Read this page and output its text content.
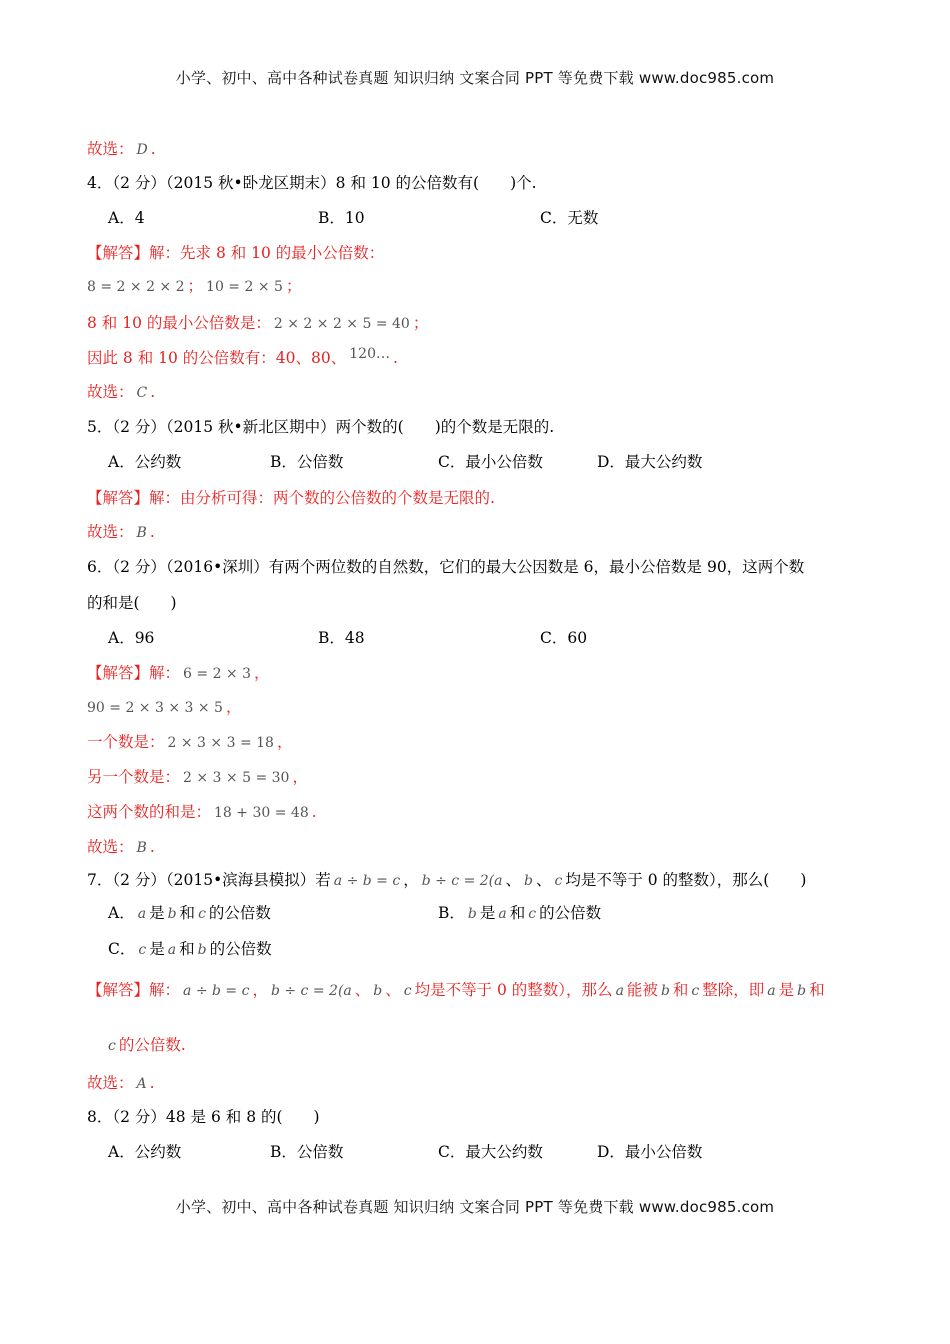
小学、初中、高中各种试卷真题 知识归纳 文案合同 PPT 等免费下载 www.doc985.com
小学、初中、高中各种试卷真题 知识归纳 文案合同 PPT 等免费下载 www.doc985.com
故选： D .
4．（2 分）（2015 秋•卧龙区期末）8 和 10 的公倍数有(　　)个.
A．4	B．10	C．无数
【解答】解：先求 8 和 10 的最小公倍数：
8 = 2 × 2 × 2 ； 10 = 2 × 5 ；
8 和 10 的最小公倍数是： 2 × 2 × 2 × 5 = 40 ；
因此 8 和 10 的公倍数有：40、80、 120… .
故选： C .
5．（2 分）（2015 秋•新北区期中）两个数的(　　)的个数是无限的.
A．公约数	B．公倍数	C．最小公倍数	D．最大公约数
【解答】解：由分析可得：两个数的公倍数的个数是无限的.
故选： B .
6．（2 分）（2016•深圳）有两个两位数的自然数，它们的最大公因数是 6，最小公倍数是 90，这两个数
的和是(　　)
A．96	B．48	C．60
【解答】解： 6 = 2 × 3 ，
90 = 2 × 3 × 3 × 5 ，
一个数是： 2 × 3 × 3 = 18 ，
另一个数是： 2 × 3 × 5 = 30 ，
这两个数的和是： 18 + 30 = 48 .
故选： B .
7．（2 分）（2015•滨海县模拟）若 a ÷ b = c ， b ÷ c = 2(a 、 b 、 c 均是不等于 0 的整数），那么(　　)
A． a 是 b 和 c 的公倍数	B． b 是 a 和 c 的公倍数
C． c 是 a 和 b 的公倍数
【解答】解： a ÷ b = c ， b ÷ c = 2(a 、 b 、 c 均是不等于 0 的整数），那么 a 能被 b 和 c 整除，即 a 是 b 和
c 的公倍数.
故选： A .
8．（2 分）48 是 6 和 8 的(　　)
A．公约数	B．公倍数	C．最大公约数	D．最小公倍数
